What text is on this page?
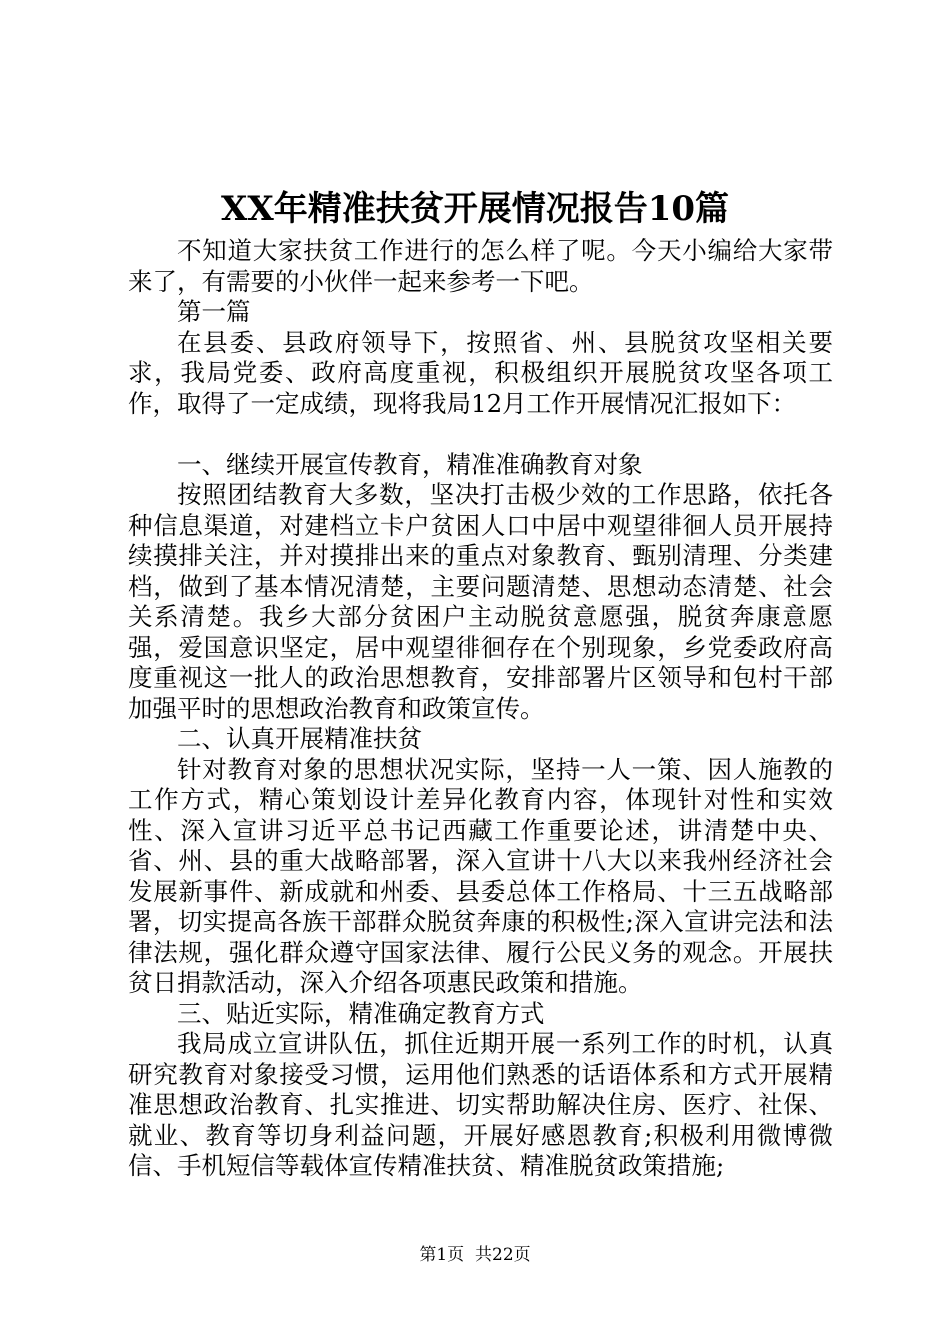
XX年精准扶贫开展情况报告10篇

不知道大家扶贫工作进行的怎么样了呢。今天小编给大家带来了，有需要的小伙伴一起来参考一下吧。

第一篇

在县委、县政府领导下，按照省、州、县脱贫攻坚相关要求，我局党委、政府高度重视，积极组织开展脱贫攻坚各项工作，取得了一定成绩，现将我局12月工作开展情况汇报如下：

一、继续开展宣传教育，精准准确教育对象

按照团结教育大多数，坚决打击极少效的工作思路，依托各种信息渠道，对建档立卡户贫困人口中居中观望徘徊人员开展持续摸排关注，并对摸排出来的重点对象教育、甄别清理、分类建档，做到了基本情况清楚，主要问题清楚、思想动态清楚、社会关系清楚。我乡大部分贫困户主动脱贫意愿强，脱贫奔康意愿强，爱国意识坚定，居中观望徘徊存在个别现象，乡党委政府高度重视这一批人的政治思想教育，安排部署片区领导和包村干部加强平时的思想政治教育和政策宣传。

二、认真开展精准扶贫

针对教育对象的思想状况实际，坚持一人一策、因人施教的工作方式，精心策划设计差异化教育内容，体现针对性和实效性、深入宣讲习近平总书记西藏工作重要论述，讲清楚中央、省、州、县的重大战略部署，深入宣讲十八大以来我州经济社会发展新事件、新成就和州委、县委总体工作格局、十三五战略部署，切实提高各族干部群众脱贫奔康的积极性;深入宣讲完法和法律法规，强化群众遵守国家法律、履行公民义务的观念。开展扶贫日捐款活动，深入介绍各项惠民政策和措施。

三、贴近实际，精准确定教育方式

我局成立宣讲队伍，抓住近期开展一系列工作的时机，认真研究教育对象接受习惯，运用他们熟悉的话语体系和方式开展精准思想政治教育、扎实推进、切实帮助解决住房、医疗、社保、就业、教育等切身利益问题，开展好感恩教育;积极利用微博微信、手机短信等载体宣传精准扶贫、精准脱贫政策措施;

第1页 共22页
